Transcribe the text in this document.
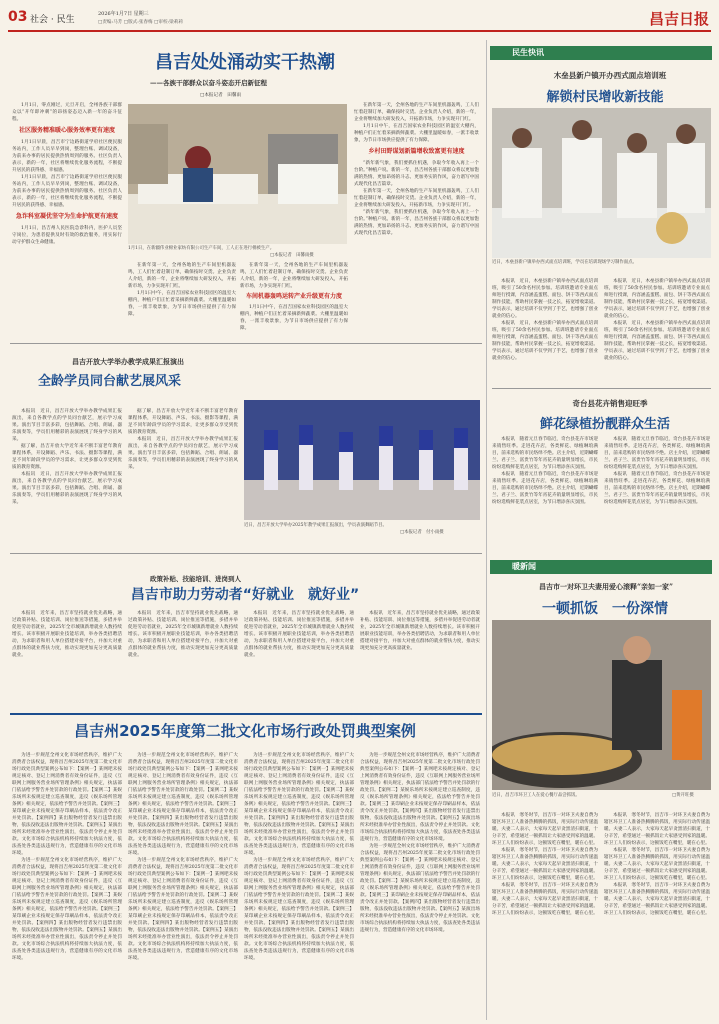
03 社会 · 民生
2026年1月7日 星期三
□责编:马芳 □版式:张春梅 □审校:梁莉莉	昌吉日报
昌吉处处涌动实干热潮
——各族干部群众以奋斗姿态开启新征程
□本报记者　田馨雨

1月1日，零点刚过，元旦开启，全州各族干部群众以“开年即冲刺”的昂扬姿态迈入新一年的奋斗征程。

社区服务精准暖心服务效率更有速度

1月1日早晨，昌吉市宁边路街道学府社区便民服务站内，工作人员早早到岗，整理台账、调试设备，为前来办事的居民提供热情周到的服务。社区负责人表示，新的一年，社区将继续优化服务流程，不断提升居民的获得感、幸福感。

1月1日早晨，昌吉市宁边路街道学府社区便民服务站内，工作人员早早到岗，整理台账、调试设备，为前来办事的居民提供热情周到的服务。社区负责人表示，新的一年，社区将继续优化服务流程，不断提升居民的获得感、幸福感。

急诈科室凝优坚守为生命护航更有速度

1月1日，昌吉州人民医院急诊科内，医护人员坚守岗位，为患者提供及时有效的救治服务，用实际行动守护群众生命健康。

1月1日，在新疆伟业棉业家纺有限公司生产车间，工人正在进行棉被生产。
□本报记者　田馨雨摄

在新年第一天，全州各地的生产车间里机器轰鸣，工人们忙着赶制订单，确保按时交货。企业负责人介绍，新的一年，企业将继续加大研发投入，开拓新市场，力争实现开门红。

1月1日中午，在昌吉国家农业科技园区的温室大棚内，种植户们正忙着采摘新鲜蔬菜。大棚里温暖如春，一派丰收景象，为节日市场供应提供了有力保障。

在新年第一天，全州各地的生产车间里机器轰鸣，工人们忙着赶制订单，确保按时交货。企业负责人介绍，新的一年，企业将继续加大研发投入，开拓新市场，力争实现开门红。

车间机器轰鸣运转产业升级更有力度

1月1日中午，在昌吉国家农业科技园区的温室大棚内，种植户们正忙着采摘新鲜蔬菜。大棚里温暖如春，一派丰收景象，为节日市场供应提供了有力保障。

在新年第一天，全州各地的生产车间里机器轰鸣，工人们忙着赶制订单，确保按时交货。企业负责人介绍，新的一年，企业将继续加大研发投入，开拓新市场，力争实现开门红。

1月1日中午，在昌吉国家农业科技园区的温室大棚内，种植户们正忙着采摘新鲜蔬菜。大棚里温暖如春，一派丰收景象，为节日市场供应提供了有力保障。

乡村田野谋划新篇增收致富更有速度

“新年新气象，我们要抓住机遇，争取今年收入再上一个台阶。”种植户说。新的一年，昌吉州各族干部群众将以更加饱满的热情、更加昂扬的斗志、更加务实的作风，奋力谱写中国式现代化昌吉篇章。

在新年第一天，全州各地的生产车间里机器轰鸣，工人们忙着赶制订单，确保按时交货。企业负责人介绍，新的一年，企业将继续加大研发投入，开拓新市场，力争实现开门红。

“新年新气象，我们要抓住机遇，争取今年收入再上一个台阶。”种植户说。新的一年，昌吉州各族干部群众将以更加饱满的热情、更加昂扬的斗志、更加务实的作风，奋力谱写中国式现代化昌吉篇章。

昌吉开放大学举办教学成果汇报演出
全龄学员同台献艺展风采

本报讯　近日，昌吉开放大学举办教学成果汇报演出，来自各教学点的学员同台献艺，展示学习成果。演出节目丰富多彩，包括舞蹈、合唱、朗诵、器乐演奏等，学员们用精彩的表演展现了终身学习的风采。

据了解，昌吉开放大学近年来不断丰富老年教育课程体系，开设舞蹈、声乐、书法、摄影等课程，满足不同年龄段学员的学习需求，让更多群众享受到优质的教育资源。

本报讯　近日，昌吉开放大学举办教学成果汇报演出，来自各教学点的学员同台献艺，展示学习成果。演出节目丰富多彩，包括舞蹈、合唱、朗诵、器乐演奏等，学员们用精彩的表演展现了终身学习的风采。

据了解，昌吉开放大学近年来不断丰富老年教育课程体系，开设舞蹈、声乐、书法、摄影等课程，满足不同年龄段学员的学习需求，让更多群众享受到优质的教育资源。

本报讯　近日，昌吉开放大学举办教学成果汇报演出，来自各教学点的学员同台献艺，展示学习成果。演出节目丰富多彩，包括舞蹈、合唱、朗诵、器乐演奏等，学员们用精彩的表演展现了终身学习的风采。

近日，昌吉开放大学举办2025年教学成果汇报演出，学员表演舞蹈节目。
□本报记者　付小雨摄
政策补贴、技能培训、进岗到人
昌吉市助力劳动者“好就业　就好业”

本报讯　近年来，昌吉市坚持就业优先战略，通过政策补贴、技能培训、岗位推送等措施，多措并举促进劳动者就业，2025年全市城镇新增就业人数持续增长。该市积极开展职业技能培训，举办各类招聘活动，为求职者和用人单位搭建对接平台，并加大对重点群体的就业帮扶力度，推动实现更加充分更高质量就业。

本报讯　近年来，昌吉市坚持就业优先战略，通过政策补贴、技能培训、岗位推送等措施，多措并举促进劳动者就业，2025年全市城镇新增就业人数持续增长。该市积极开展职业技能培训，举办各类招聘活动，为求职者和用人单位搭建对接平台，并加大对重点群体的就业帮扶力度，推动实现更加充分更高质量就业。

本报讯　近年来，昌吉市坚持就业优先战略，通过政策补贴、技能培训、岗位推送等措施，多措并举促进劳动者就业，2025年全市城镇新增就业人数持续增长。该市积极开展职业技能培训，举办各类招聘活动，为求职者和用人单位搭建对接平台，并加大对重点群体的就业帮扶力度，推动实现更加充分更高质量就业。

本报讯　近年来，昌吉市坚持就业优先战略，通过政策补贴、技能培训、岗位推送等措施，多措并举促进劳动者就业，2025年全市城镇新增就业人数持续增长。该市积极开展职业技能培训，举办各类招聘活动，为求职者和用人单位搭建对接平台，并加大对重点群体的就业帮扶力度，推动实现更加充分更高质量就业。

昌吉州2025年度第二批文化市场行政处罚典型案例

为进一步规范全州文化市场经营秩序，维护广大消费者合法权益，现将昌吉州2025年度第二批文化市场行政处罚典型案例公布如下：【案例一】某网吧未按规定核对、登记上网消费者有效身份证件，违反《互联网上网服务营业场所管理条例》相关规定，执法部门依法给予警告并处罚款的行政处罚。【案例二】某娱乐场所未按规定建立巡查制度，违反《娱乐场所管理条例》相关规定，依法给予警告并处罚款。【案例三】某印刷企业未按规定保存印刷品样本，依法责令改正并处罚款。【案例四】某出版物经营者发行违禁出版物，依法没收违法出版物并处罚款。【案例五】某演出场所未经批准举办营业性演出，依法责令停止并处罚款。文化市场综合执法机构将持续加大执法力度，依法查处各类违法违规行为，营造健康有序的文化市场环境。

为进一步规范全州文化市场经营秩序，维护广大消费者合法权益，现将昌吉州2025年度第二批文化市场行政处罚典型案例公布如下：【案例一】某网吧未按规定核对、登记上网消费者有效身份证件，违反《互联网上网服务营业场所管理条例》相关规定，执法部门依法给予警告并处罚款的行政处罚。【案例二】某娱乐场所未按规定建立巡查制度，违反《娱乐场所管理条例》相关规定，依法给予警告并处罚款。【案例三】某印刷企业未按规定保存印刷品样本，依法责令改正并处罚款。【案例四】某出版物经营者发行违禁出版物，依法没收违法出版物并处罚款。【案例五】某演出场所未经批准举办营业性演出，依法责令停止并处罚款。文化市场综合执法机构将持续加大执法力度，依法查处各类违法违规行为，营造健康有序的文化市场环境。

为进一步规范全州文化市场经营秩序，维护广大消费者合法权益，现将昌吉州2025年度第二批文化市场行政处罚典型案例公布如下：【案例一】某网吧未按规定核对、登记上网消费者有效身份证件，违反《互联网上网服务营业场所管理条例》相关规定，执法部门依法给予警告并处罚款的行政处罚。【案例二】某娱乐场所未按规定建立巡查制度，违反《娱乐场所管理条例》相关规定，依法给予警告并处罚款。【案例三】某印刷企业未按规定保存印刷品样本，依法责令改正并处罚款。【案例四】某出版物经营者发行违禁出版物，依法没收违法出版物并处罚款。【案例五】某演出场所未经批准举办营业性演出，依法责令停止并处罚款。文化市场综合执法机构将持续加大执法力度，依法查处各类违法违规行为，营造健康有序的文化市场环境。

为进一步规范全州文化市场经营秩序，维护广大消费者合法权益，现将昌吉州2025年度第二批文化市场行政处罚典型案例公布如下：【案例一】某网吧未按规定核对、登记上网消费者有效身份证件，违反《互联网上网服务营业场所管理条例》相关规定，执法部门依法给予警告并处罚款的行政处罚。【案例二】某娱乐场所未按规定建立巡查制度，违反《娱乐场所管理条例》相关规定，依法给予警告并处罚款。【案例三】某印刷企业未按规定保存印刷品样本，依法责令改正并处罚款。【案例四】某出版物经营者发行违禁出版物，依法没收违法出版物并处罚款。【案例五】某演出场所未经批准举办营业性演出，依法责令停止并处罚款。文化市场综合执法机构将持续加大执法力度，依法查处各类违法违规行为，营造健康有序的文化市场环境。

为进一步规范全州文化市场经营秩序，维护广大消费者合法权益，现将昌吉州2025年度第二批文化市场行政处罚典型案例公布如下：【案例一】某网吧未按规定核对、登记上网消费者有效身份证件，违反《互联网上网服务营业场所管理条例》相关规定，执法部门依法给予警告并处罚款的行政处罚。【案例二】某娱乐场所未按规定建立巡查制度，违反《娱乐场所管理条例》相关规定，依法给予警告并处罚款。【案例三】某印刷企业未按规定保存印刷品样本，依法责令改正并处罚款。【案例四】某出版物经营者发行违禁出版物，依法没收违法出版物并处罚款。【案例五】某演出场所未经批准举办营业性演出，依法责令停止并处罚款。文化市场综合执法机构将持续加大执法力度，依法查处各类违法违规行为，营造健康有序的文化市场环境。

为进一步规范全州文化市场经营秩序，维护广大消费者合法权益，现将昌吉州2025年度第二批文化市场行政处罚典型案例公布如下：【案例一】某网吧未按规定核对、登记上网消费者有效身份证件，违反《互联网上网服务营业场所管理条例》相关规定，执法部门依法给予警告并处罚款的行政处罚。【案例二】某娱乐场所未按规定建立巡查制度，违反《娱乐场所管理条例》相关规定，依法给予警告并处罚款。【案例三】某印刷企业未按规定保存印刷品样本，依法责令改正并处罚款。【案例四】某出版物经营者发行违禁出版物，依法没收违法出版物并处罚款。【案例五】某演出场所未经批准举办营业性演出，依法责令停止并处罚款。文化市场综合执法机构将持续加大执法力度，依法查处各类违法违规行为，营造健康有序的文化市场环境。

为进一步规范全州文化市场经营秩序，维护广大消费者合法权益，现将昌吉州2025年度第二批文化市场行政处罚典型案例公布如下：【案例一】某网吧未按规定核对、登记上网消费者有效身份证件，违反《互联网上网服务营业场所管理条例》相关规定，执法部门依法给予警告并处罚款的行政处罚。【案例二】某娱乐场所未按规定建立巡查制度，违反《娱乐场所管理条例》相关规定，依法给予警告并处罚款。【案例三】某印刷企业未按规定保存印刷品样本，依法责令改正并处罚款。【案例四】某出版物经营者发行违禁出版物，依法没收违法出版物并处罚款。【案例五】某演出场所未经批准举办营业性演出，依法责令停止并处罚款。文化市场综合执法机构将持续加大执法力度，依法查处各类违法违规行为，营造健康有序的文化市场环境。

为进一步规范全州文化市场经营秩序，维护广大消费者合法权益，现将昌吉州2025年度第二批文化市场行政处罚典型案例公布如下：【案例一】某网吧未按规定核对、登记上网消费者有效身份证件，违反《互联网上网服务营业场所管理条例》相关规定，执法部门依法给予警告并处罚款的行政处罚。【案例二】某娱乐场所未按规定建立巡查制度，违反《娱乐场所管理条例》相关规定，依法给予警告并处罚款。【案例三】某印刷企业未按规定保存印刷品样本，依法责令改正并处罚款。【案例四】某出版物经营者发行违禁出版物，依法没收违法出版物并处罚款。【案例五】某演出场所未经批准举办营业性演出，依法责令停止并处罚款。文化市场综合执法机构将持续加大执法力度，依法查处各类违法违规行为，营造健康有序的文化市场环境。

民生快讯
木垒县新户镇开办西式面点培训班
解锁村民增收新技能
近日，木垒县新户镇举办西式面点培训班，学员在培训现场学习制作面点。

本报讯　近日，木垒县新户镇举办西式面点培训班，吸引了50余名村民参加。培训班邀请专业面点师进行授课，内容涵盖蛋糕、面包、饼干等西式面点制作技能，帮助村民掌握一技之长，拓宽增收渠道。学员表示，通过培训不仅学到了手艺，也增强了创业就业的信心。

本报讯　近日，木垒县新户镇举办西式面点培训班，吸引了50余名村民参加。培训班邀请专业面点师进行授课，内容涵盖蛋糕、面包、饼干等西式面点制作技能，帮助村民掌握一技之长，拓宽增收渠道。学员表示，通过培训不仅学到了手艺，也增强了创业就业的信心。

本报讯　近日，木垒县新户镇举办西式面点培训班，吸引了50余名村民参加。培训班邀请专业面点师进行授课，内容涵盖蛋糕、面包、饼干等西式面点制作技能，帮助村民掌握一技之长，拓宽增收渠道。学员表示，通过培训不仅学到了手艺，也增强了创业就业的信心。

本报讯　近日，木垒县新户镇举办西式面点培训班，吸引了50余名村民参加。培训班邀请专业面点师进行授课，内容涵盖蛋糕、面包、饼干等西式面点制作技能，帮助村民掌握一技之长，拓宽增收渠道。学员表示，通过培训不仅学到了手艺，也增强了创业就业的信心。

奇台县花卉销售迎旺季
鲜花绿植扮靓群众生活

本报讯　随着元旦春节临近，奇台县花卉市场迎来销售旺季。走进花卉店，各类鲜花、绿植琳琅满目，前来选购的市民络绎不绝。店主介绍，近期蝴蝶兰、君子兰、富贵竹等年宵花卉销量明显增长，市民纷纷选购鲜花装点居室，为节日增添喜庆氛围。

本报讯　随着元旦春节临近，奇台县花卉市场迎来销售旺季。走进花卉店，各类鲜花、绿植琳琅满目，前来选购的市民络绎不绝。店主介绍，近期蝴蝶兰、君子兰、富贵竹等年宵花卉销量明显增长，市民纷纷选购鲜花装点居室，为节日增添喜庆氛围。

本报讯　随着元旦春节临近，奇台县花卉市场迎来销售旺季。走进花卉店，各类鲜花、绿植琳琅满目，前来选购的市民络绎不绝。店主介绍，近期蝴蝶兰、君子兰、富贵竹等年宵花卉销量明显增长，市民纷纷选购鲜花装点居室，为节日增添喜庆氛围。

本报讯　随着元旦春节临近，奇台县花卉市场迎来销售旺季。走进花卉店，各类鲜花、绿植琳琅满目，前来选购的市民络绎不绝。店主介绍，近期蝴蝶兰、君子兰、富贵竹等年宵花卉销量明显增长，市民纷纷选购鲜花装点居室，为节日增添喜庆氛围。

暖新闻
昌吉市一对环卫夫妻用爱心滚释“亲如一家”
一顿抓饭　一份深情
近日，昌吉市环卫工人在爱心餐厅品尝抓饭。	□黄开旺摄

本报讯　寒冬时节，昌吉市一对环卫夫妻自费为辖区环卫工人准备热腾腾的抓饭，用实际行动传递温暖。夫妻二人表示，大家每天起早贪黑清扫街道，十分辛苦，希望通过一顿抓饭让大家感受到家的温暖。环卫工人们纷纷表示，这顿饭吃在嘴里，暖在心里。

本报讯　寒冬时节，昌吉市一对环卫夫妻自费为辖区环卫工人准备热腾腾的抓饭，用实际行动传递温暖。夫妻二人表示，大家每天起早贪黑清扫街道，十分辛苦，希望通过一顿抓饭让大家感受到家的温暖。环卫工人们纷纷表示，这顿饭吃在嘴里，暖在心里。

本报讯　寒冬时节，昌吉市一对环卫夫妻自费为辖区环卫工人准备热腾腾的抓饭，用实际行动传递温暖。夫妻二人表示，大家每天起早贪黑清扫街道，十分辛苦，希望通过一顿抓饭让大家感受到家的温暖。环卫工人们纷纷表示，这顿饭吃在嘴里，暖在心里。

本报讯　寒冬时节，昌吉市一对环卫夫妻自费为辖区环卫工人准备热腾腾的抓饭，用实际行动传递温暖。夫妻二人表示，大家每天起早贪黑清扫街道，十分辛苦，希望通过一顿抓饭让大家感受到家的温暖。环卫工人们纷纷表示，这顿饭吃在嘴里，暖在心里。

本报讯　寒冬时节，昌吉市一对环卫夫妻自费为辖区环卫工人准备热腾腾的抓饭，用实际行动传递温暖。夫妻二人表示，大家每天起早贪黑清扫街道，十分辛苦，希望通过一顿抓饭让大家感受到家的温暖。环卫工人们纷纷表示，这顿饭吃在嘴里，暖在心里。

本报讯　寒冬时节，昌吉市一对环卫夫妻自费为辖区环卫工人准备热腾腾的抓饭，用实际行动传递温暖。夫妻二人表示，大家每天起早贪黑清扫街道，十分辛苦，希望通过一顿抓饭让大家感受到家的温暖。环卫工人们纷纷表示，这顿饭吃在嘴里，暖在心里。
